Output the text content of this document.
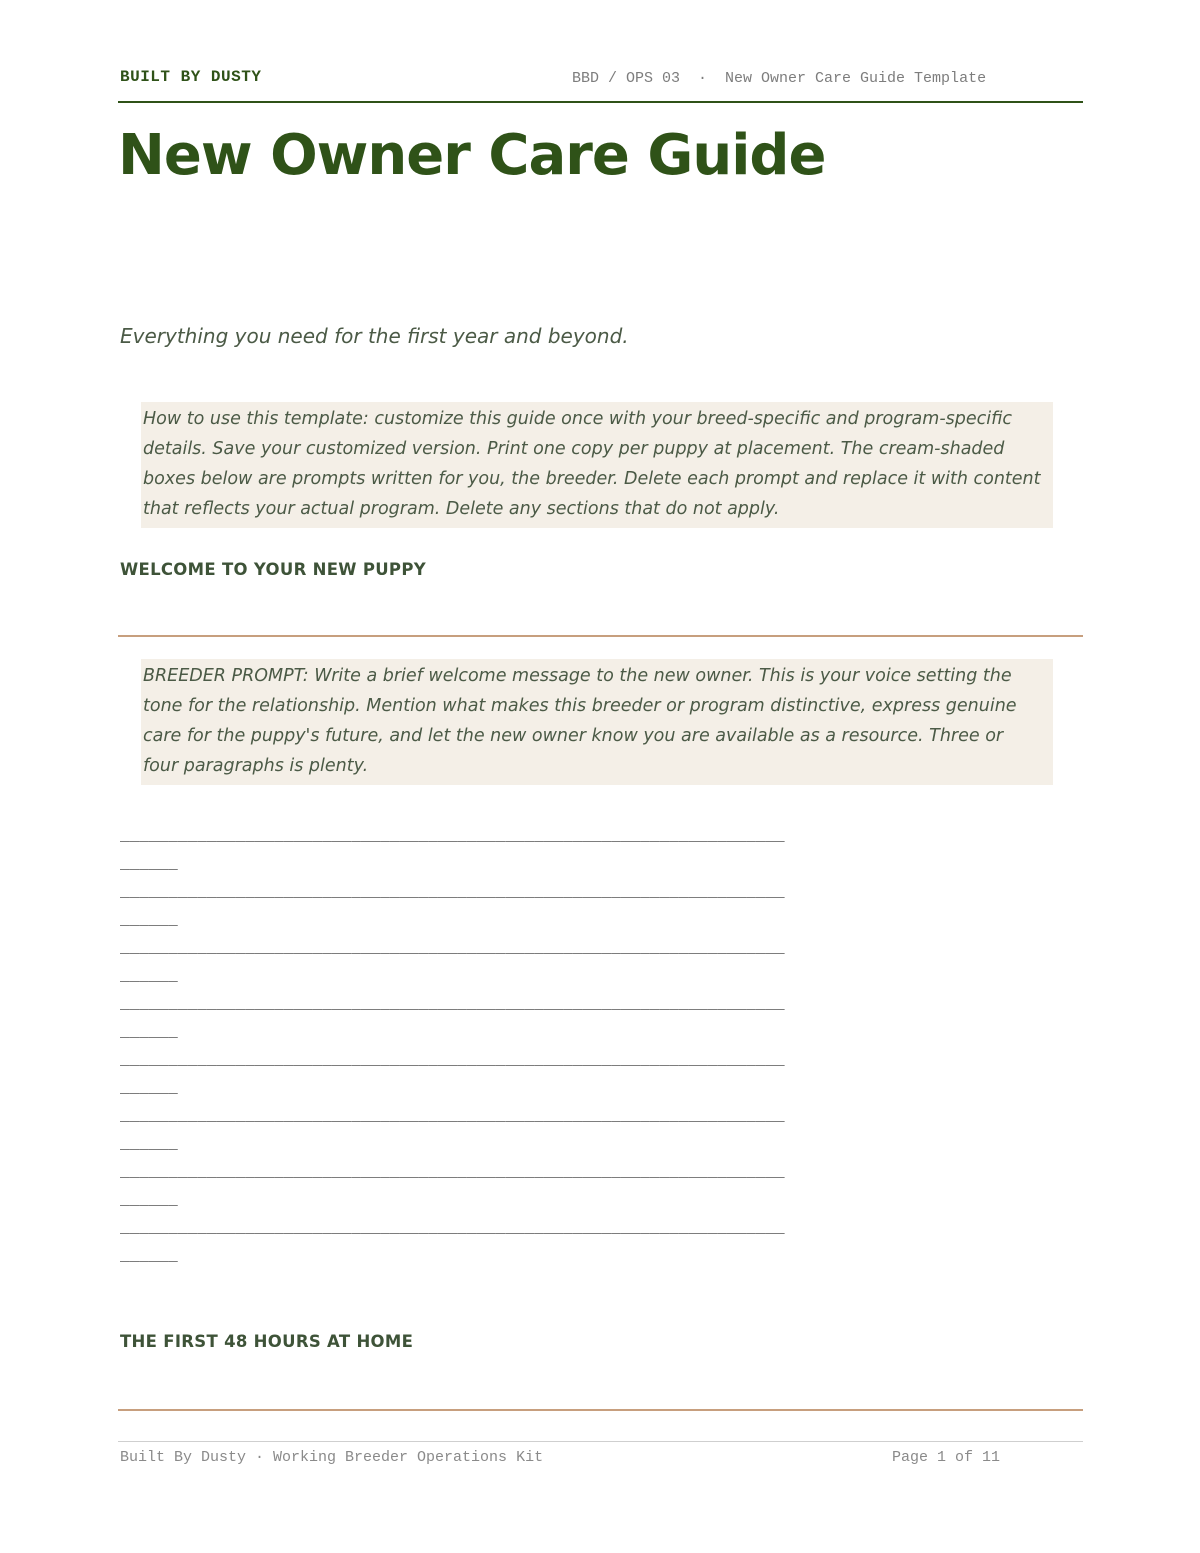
BUILT BY DUSTY	BBD / OPS 03  ·  New Owner Care Guide Template
New Owner Care Guide

Everything you need for the first year and beyond.

How to use this template: customize this guide once with your breed-specific and program-specific details. Save your customized version. Print one copy per puppy at placement. The cream-shaded boxes below are prompts written for you, the breeder. Delete each prompt and replace it with content that reflects your actual program. Delete any sections that do not apply.

WELCOME TO YOUR NEW PUPPY

BREEDER PROMPT: Write a brief welcome message to the new owner. This is your voice setting the tone for the relationship. Mention what makes this breeder or program distinctive, express genuine care for the puppy's future, and let the new owner know you are available as a resource. Three or four paragraphs is plenty.

_____________________________________________________________________
______
_____________________________________________________________________
______
_____________________________________________________________________
______
_____________________________________________________________________
______
_____________________________________________________________________
______
_____________________________________________________________________
______
_____________________________________________________________________
______
_____________________________________________________________________
______
THE FIRST 48 HOURS AT HOME
Built By Dusty · Working Breeder Operations Kit	Page 1 of 11
